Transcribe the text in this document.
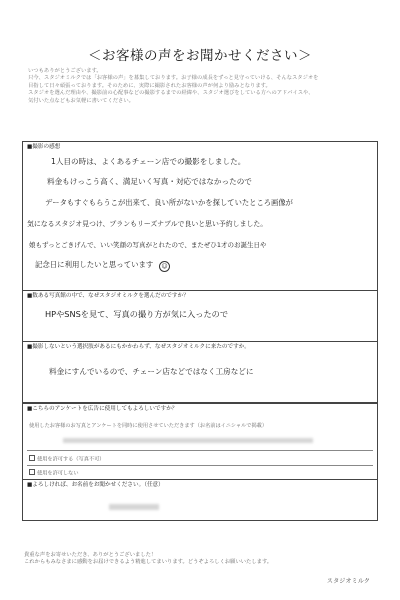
＜お客様の声をお聞かせください＞
いつもありがとうございます。
只今、スタジオミルクでは「お客様の声」を募集しております。お子様の成長をずっと見守っていける、そんなスタジオを
目指して日々頑張っております。そのために、実際に撮影されたお客様の声が何より励みとなります。
スタジオを選んだ理由や、撮影前の心配事などの撮影するまでの経緯や、スタジオ選びをしている方へのアドバイスや、
気付いた点などもお気軽に書いてください。
■撮影の感想
1人目の時は、よくあるチェーン店での撮影をしました。
料金もけっこう高く、満足いく写真・対応ではなかったので
データもすぐもらうこが出来て、良い所がないかを探していたところ画像が
気になるスタジオ見つけ、プランもリーズナブルで良いと思い予約しました。
娘もずっとごきげんで、いい笑顔の写真がとれたので、またぜひ1才のお誕生日や
記念日に利用したいと思っています	☺
■数ある写真館の中で、なぜスタジオミルクを選んだのですか？
HPやSNSを見て、写真の撮り方が気に入ったので
■撮影しないという選択肢があるにもかかわらず、なぜスタジオミルクに来たのですか。
料金にすんでいるので、チェーン店などではなく工房などに
■こちらのアンケートを広告に使用してもよろしいですか？
使用したお客様のお写真とアンケートを同時に使用させていただきます（お名前はイニシャルで掲載）
使用を許可する（写真不可）
使用を許可しない
■よろしければ、お名前をお聞かせください。（任意）
貴重な声をお寄せいただき、ありがとうございました！
これからもみなさまに感動をお届けできるよう精進してまいります。どうぞよろしくお願いいたします。
スタジオミルク
